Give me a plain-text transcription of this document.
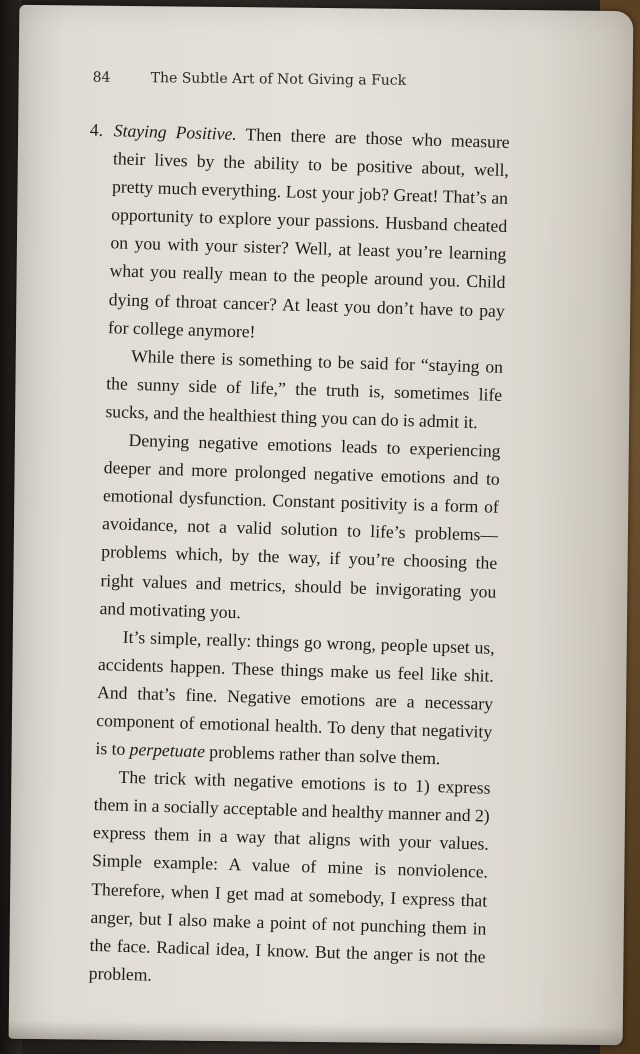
84	The Subtle Art of Not Giving a Fuck

4. Staying Positive. Then there are those who measure their lives by the ability to be positive about, well, pretty much everything. Lost your job? Great! That’s an opportunity to explore your passions. Husband cheated on you with your sister? Well, at least you’re learning what you really mean to the people around you. Child dying of throat cancer? At least you don’t have to pay for college anymore!

While there is something to be said for “staying on the sunny side of life,” the truth is, sometimes life sucks, and the healthiest thing you can do is admit it.

Denying negative emotions leads to experiencing deeper and more prolonged negative emotions and to emotional dysfunction. Constant positivity is a form of avoidance, not a valid solution to life’s problems—problems which, by the way, if you’re choosing the right values and metrics, should be invigorating you and motivating you.

It’s simple, really: things go wrong, people upset us, accidents happen. These things make us feel like shit. And that’s fine. Negative emotions are a necessary component of emotional health. To deny that negativity is to perpetuate problems rather than solve them.

The trick with negative emotions is to 1) express them in a socially acceptable and healthy manner and 2) express them in a way that aligns with your values. Simple example: A value of mine is nonviolence. Therefore, when I get mad at somebody, I express that anger, but I also make a point of not punching them in the face. Radical idea, I know. But the anger is not the problem.
